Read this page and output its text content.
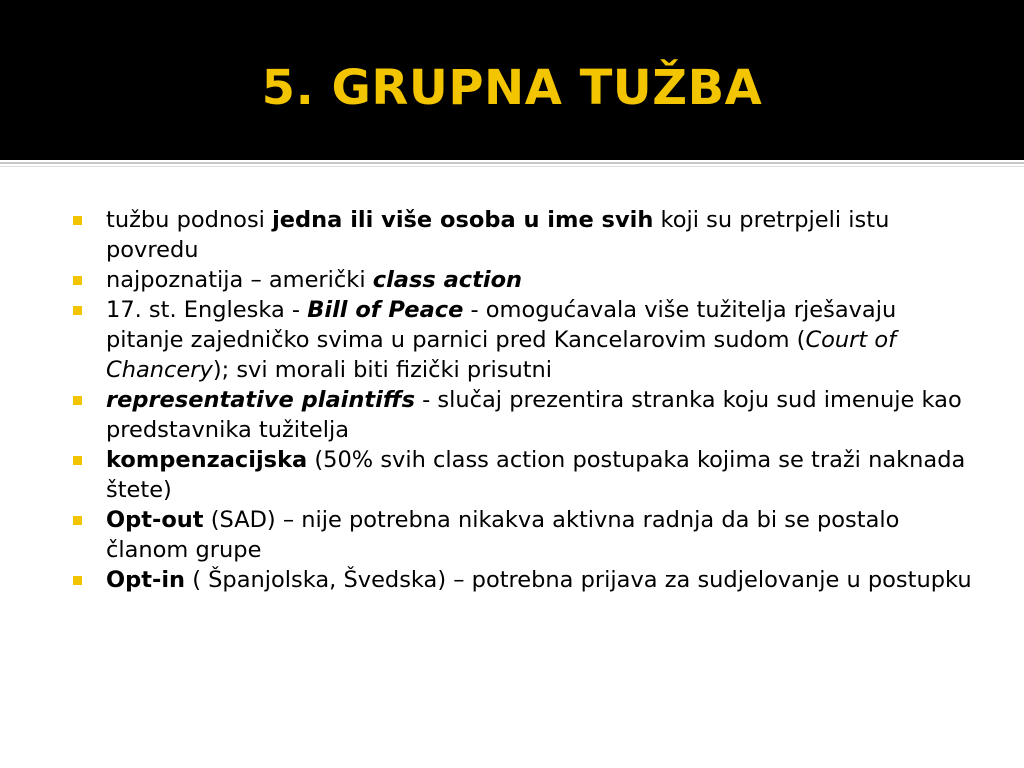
5. GRUPNA TUŽBA
tužbu podnosi jedna ili više osoba u ime svih koji su pretrpjeli istu povredu
najpoznatija – američki class action
17. st. Engleska - Bill of Peace - omogućavala više tužitelja rješavaju pitanje zajedničko svima u parnici pred Kancelarovim sudom (Court of Chancery); svi morali biti fizički prisutni
representative plaintiffs - slučaj prezentira stranka koju sud imenuje kao predstavnika tužitelja
kompenzacijska (50% svih class action postupaka kojima se traži naknada štete)
Opt-out (SAD) – nije potrebna nikakva aktivna radnja da bi se postalo članom grupe
Opt-in ( Španjolska, Švedska) – potrebna prijava za sudjelovanje u postupku
